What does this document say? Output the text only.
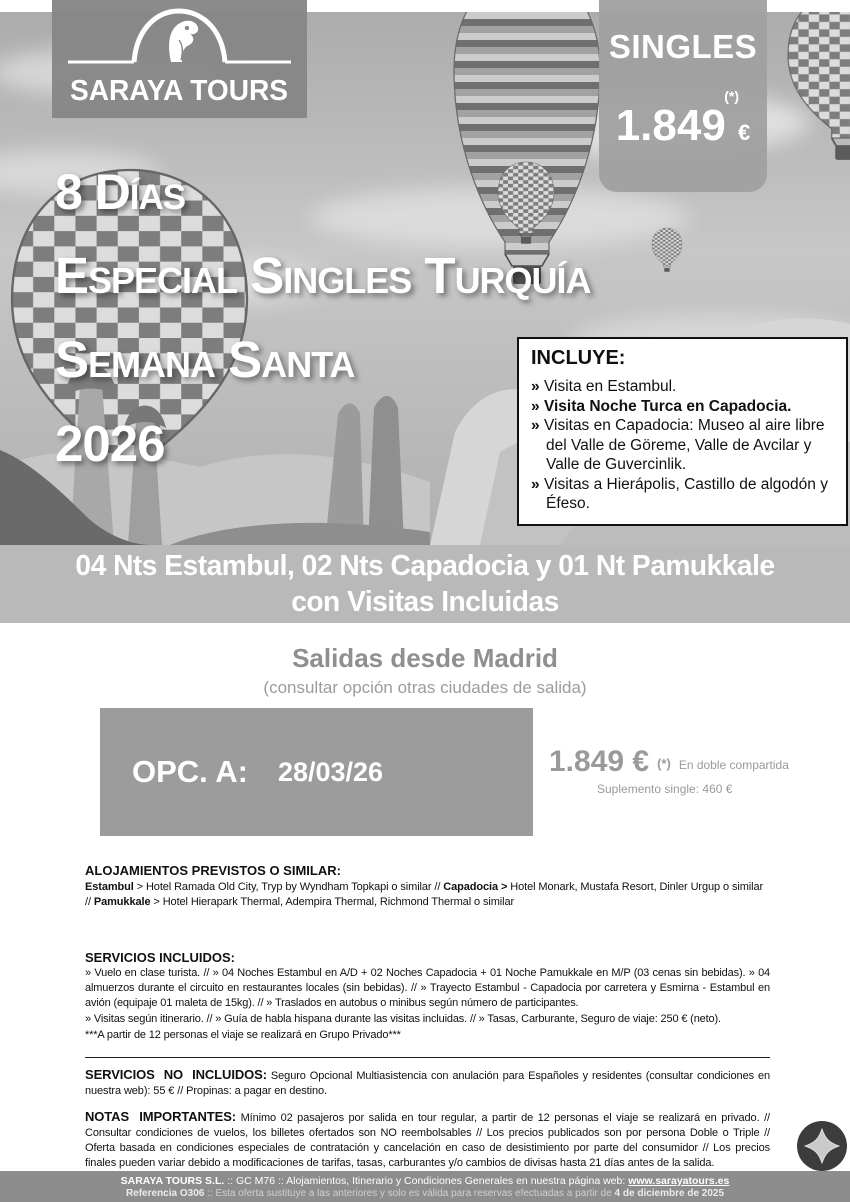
8 Días
Especial Singles Turquía
Semana Santa
2026
SARAYA TOURS
SINGLES
(*)
1.849 €
INCLUYE:
» Visita en Estambul.
» Visita Noche Turca en Capadocia.
» Visitas en Capadocia: Museo al aire libre del Valle de Göreme, Valle de Avcilar y Valle de Guvercinlik.
» Visitas a Hierápolis, Castillo de algodón y Éfeso.
04 Nts Estambul, 02 Nts Capadocia y 01 Nt Pamukkale
con Visitas Incluidas
Salidas desde Madrid
(consultar opción otras ciudades de salida)
OPC. A: 28/03/26	1.849 € (*) En doble compartida
Suplemento single: 460 €
ALOJAMIENTOS PREVISTOS O SIMILAR:
Estambul > Hotel Ramada Old City, Tryp by Wyndham Topkapi o similar // Capadocia > Hotel Monark, Mustafa Resort, Dinler Urgup o similar // Pamukkale > Hotel Hierapark Thermal, Adempira Thermal, Richmond Thermal o similar
SERVICIOS INCLUIDOS:

» Vuelo en clase turista. // » 04 Noches Estambul en A/D + 02 Noches Capadocia + 01 Noche Pamukkale en M/P (03 cenas sin bebidas). » 04 almuerzos durante el circuito en restaurantes locales (sin bebidas). // » Trayecto Estambul - Capadocia por carretera y Esmirna - Estambul en avión (equipaje 01 maleta de 15kg). // » Traslados en autobus o minibus según número de participantes.

» Visitas según itinerario. // » Guía de habla hispana durante las visitas incluidas. // » Tasas, Carburante, Seguro de viaje: 250 € (neto).

***A partir de 12 personas el viaje se realizará en Grupo Privado***

SERVICIOS  NO  INCLUIDOS: Seguro Opcional Multiasistencia con anulación para Españoles y residentes (consultar condiciones en nuestra web): 55 € // Propinas: a pagar en destino.

NOTAS  IMPORTANTES: Mínimo 02 pasajeros por salida en tour regular, a partir de 12 personas el viaje se realizará en privado. // Consultar condiciones de vuelos, los billetes ofertados son NO reembolsables // Los precios publicados son por persona Doble o Triple // Oferta basada en condiciones especiales de contratación y cancelación en caso de desistimiento por parte del consumidor // Los precios finales pueden variar debido a modificaciones de tarifas, tasas, carburantes y/o cambios de divisas hasta 21 días antes de la salida.

SARAYA TOURS S.L. :: GC M76 :: Alojamientos, Itinerario y Condiciones Generales en nuestra página web: www.sarayatours.es
Referencia O306 :: Esta oferta sustituye a las anteriores y solo es válida para reservas efectuadas a partir de 4 de diciembre de 2025
